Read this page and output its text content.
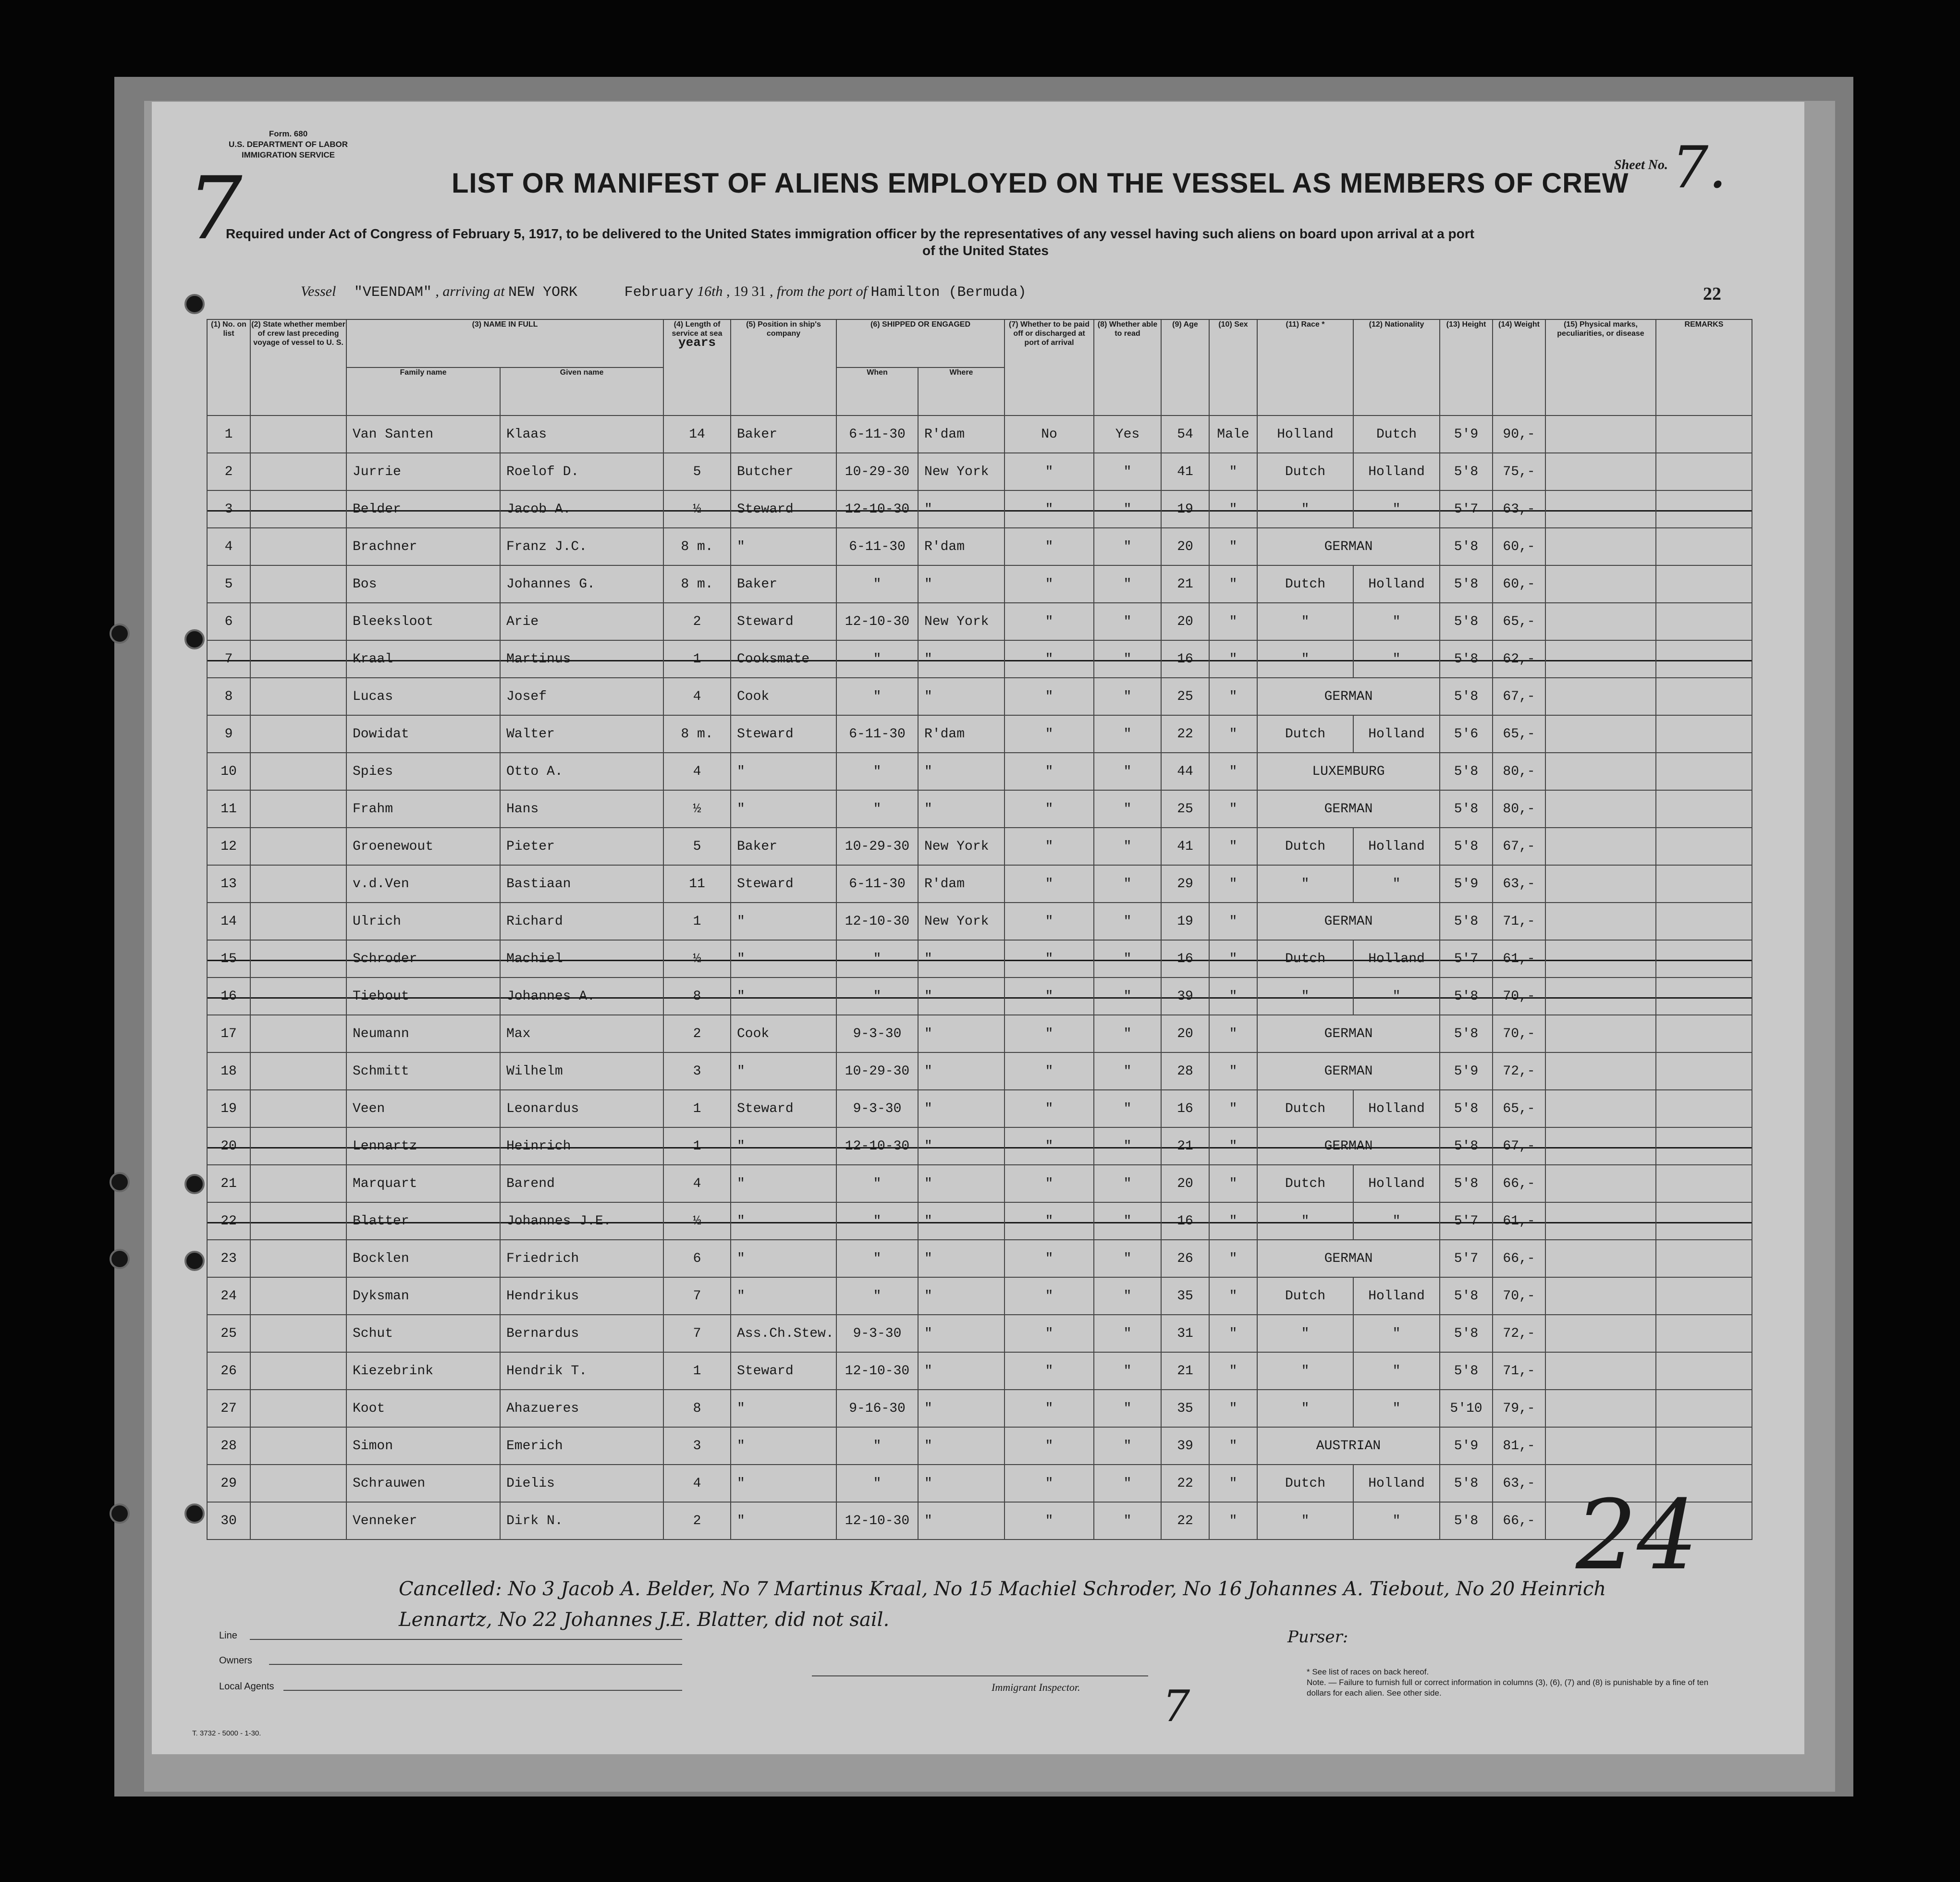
Form. 680
U.S. DEPARTMENT OF LABOR
IMMIGRATION SERVICE
7	LIST OR MANIFEST OF ALIENS EMPLOYED ON THE VESSEL AS MEMBERS OF CREW
Sheet No. 7.
Required under Act of Congress of February 5, 1917, to be delivered to the United States immigration officer by the representatives of any vessel having such aliens on board upon arrival at a port
of the United States
Vessel "VEENDAM" , arriving at NEW YORK	February 16th , 19 31 , from the port of Hamilton (Bermuda)	22
(1) No. on list	(2) State whether member of crew last preceding voyage of vessel to U. S.	(3) NAME IN FULL		(4) Length of service at sea
years	(5) Position in ship's company	(6) SHIPPED OR ENGAGED		(7) Whether to be paid off or discharged at port of arrival	(8) Whether able to read	(9) Age	(10) Sex	(11) Race *	(12) Nationality	(13) Height	(14) Weight	(15) Physical marks, peculiarities, or disease	REMARKS
		Family name	Given name			When	Where										
1		Van Santen	Klaas	14	Baker	6-11-30	R'dam	No	Yes	54	Male	Holland	Dutch	5'9	90,-		
2		Jurrie	Roelof D.	5	Butcher	10-29-30	New York	"	"	41	"	Dutch	Holland	5'8	75,-		
3		Belder	Jacob A.	½	Steward	12-10-30	"	"	"	19	"	"	"	5'7	63,-		
4		Brachner	Franz J.C.	8 m.	"	6-11-30	R'dam	"	"	20	"	GERMAN		5'8	60,-		
5		Bos	Johannes G.	8 m.	Baker	"	"	"	"	21	"	Dutch	Holland	5'8	60,-		
6		Bleeksloot	Arie	2	Steward	12-10-30	New York	"	"	20	"	"	"	5'8	65,-		
7		Kraal	Martinus	1	Cooksmate	"	"	"	"	16	"	"	"	5'8	62,-		
8		Lucas	Josef	4	Cook	"	"	"	"	25	"	GERMAN		5'8	67,-		
9		Dowidat	Walter	8 m.	Steward	6-11-30	R'dam	"	"	22	"	Dutch	Holland	5'6	65,-		
10		Spies	Otto A.	4	"	"	"	"	"	44	"	LUXEMBURG		5'8	80,-		
11		Frahm	Hans	½	"	"	"	"	"	25	"	GERMAN		5'8	80,-		
12		Groenewout	Pieter	5	Baker	10-29-30	New York	"	"	41	"	Dutch	Holland	5'8	67,-		
13		v.d.Ven	Bastiaan	11	Steward	6-11-30	R'dam	"	"	29	"	"	"	5'9	63,-		
14		Ulrich	Richard	1	"	12-10-30	New York	"	"	19	"	GERMAN		5'8	71,-		
15		Schroder	Machiel	½	"	"	"	"	"	16	"	Dutch	Holland	5'7	61,-		
16		Tiebout	Johannes A.	8	"	"	"	"	"	39	"	"	"	5'8	70,-		
17		Neumann	Max	2	Cook	9-3-30	"	"	"	20	"	GERMAN		5'8	70,-		
18		Schmitt	Wilhelm	3	"	10-29-30	"	"	"	28	"	GERMAN		5'9	72,-		
19		Veen	Leonardus	1	Steward	9-3-30	"	"	"	16	"	Dutch	Holland	5'8	65,-		
20		Lennartz	Heinrich	1	"	12-10-30	"	"	"	21	"	GERMAN		5'8	67,-		
21		Marquart	Barend	4	"	"	"	"	"	20	"	Dutch	Holland	5'8	66,-		
22		Blatter	Johannes J.E.	½	"	"	"	"	"	16	"	"	"	5'7	61,-		
23		Bocklen	Friedrich	6	"	"	"	"	"	26	"	GERMAN		5'7	66,-		
24		Dyksman	Hendrikus	7	"	"	"	"	"	35	"	Dutch	Holland	5'8	70,-		
25		Schut	Bernardus	7	Ass.Ch.Stew.	9-3-30	"	"	"	31	"	"	"	5'8	72,-		
26		Kiezebrink	Hendrik T.	1	Steward	12-10-30	"	"	"	21	"	"	"	5'8	71,-		
27		Koot	Ahazueres	8	"	9-16-30	"	"	"	35	"	"	"	5'10	79,-		
28		Simon	Emerich	3	"	"	"	"	"	39	"	AUSTRIAN		5'9	81,-		
29		Schrauwen	Dielis	4	"	"	"	"	"	22	"	Dutch	Holland	5'8	63,-		
30		Venneker	Dirk N.	2	"	12-10-30	"	"	"	22	"	"	"	5'8	66,-		24
Cancelled: No 3 Jacob A. Belder, No 7 Martinus Kraal, No 15 Machiel Schroder, No 16 Johannes A. Tiebout, No 20 Heinrich Lennartz, No 22 Johannes J.E. Blatter, did not sail.
Purser:
Line
Owners
Local Agents	Immigrant Inspector. 7
* See list of races on back hereof.
Note. — Failure to furnish full or correct information in columns (3), (6), (7) and (8) is punishable by a fine of ten dollars for each alien. See other side.
T. 3732 - 5000 - 1-30.
